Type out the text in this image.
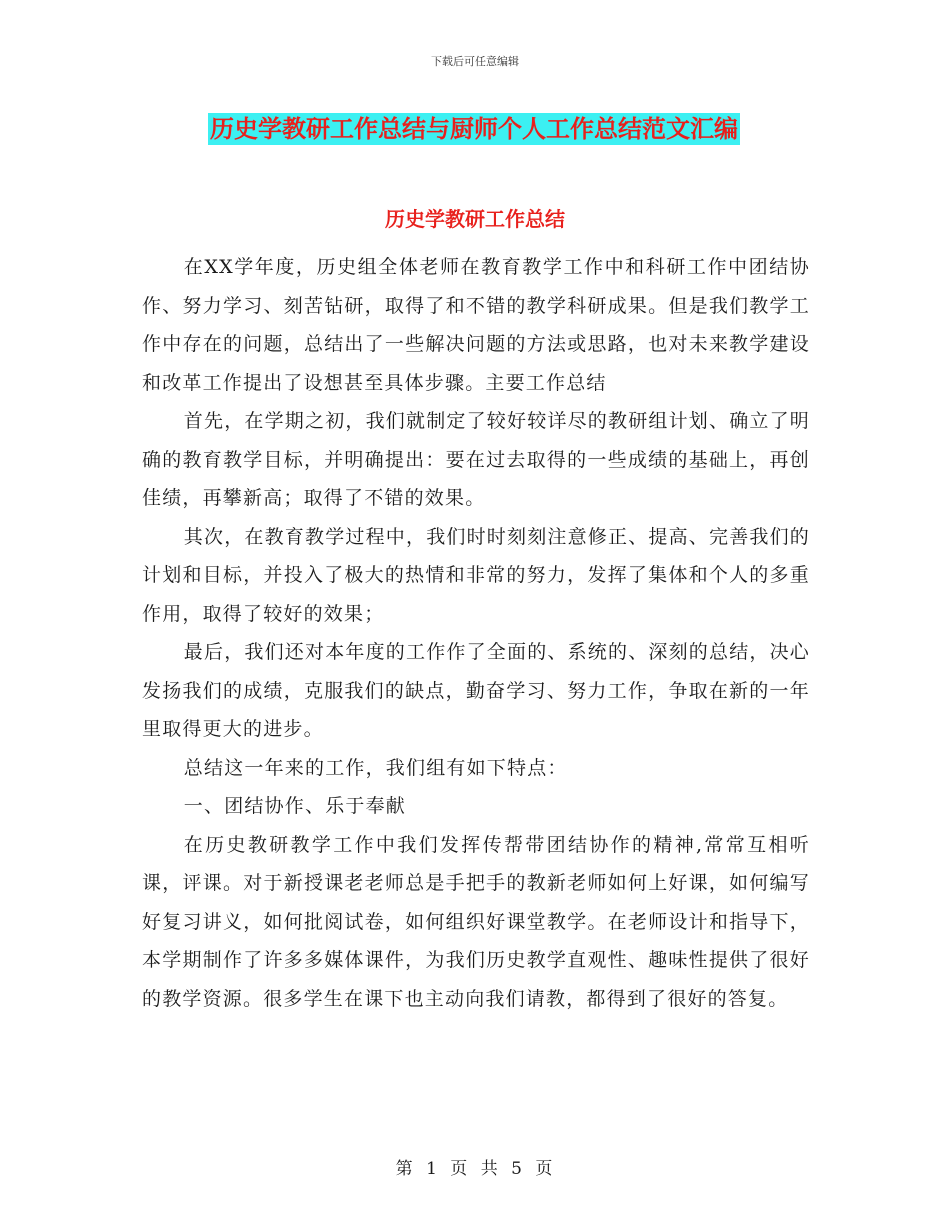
下载后可任意编辑
历史学教研工作总结与厨师个人工作总结范文汇编
历史学教研工作总结

在XX学年度，历史组全体老师在教育教学工作中和科研工作中团结协作、努力学习、刻苦钻研，取得了和不错的教学科研成果。但是我们教学工作中存在的问题，总结出了一些解决问题的方法或思路，也对未来教学建设和改革工作提出了设想甚至具体步骤。主要工作总结

首先，在学期之初，我们就制定了较好较详尽的教研组计划、确立了明确的教育教学目标，并明确提出：要在过去取得的一些成绩的基础上，再创佳绩，再攀新高；取得了不错的效果。

其次，在教育教学过程中，我们时时刻刻注意修正、提高、完善我们的计划和目标，并投入了极大的热情和非常的努力，发挥了集体和个人的多重作用，取得了较好的效果；

最后，我们还对本年度的工作作了全面的、系统的、深刻的总结，决心发扬我们的成绩，克服我们的缺点，勤奋学习、努力工作，争取在新的一年里取得更大的进步。

总结这一年来的工作，我们组有如下特点：

一、团结协作、乐于奉献

在历史教研教学工作中我们发挥传帮带团结协作的精神,常常互相听课，评课。对于新授课老老师总是手把手的教新老师如何上好课，如何编写好复习讲义，如何批阅试卷，如何组织好课堂教学。在老师设计和指导下，本学期制作了许多多媒体课件，为我们历史教学直观性、趣味性提供了很好的教学资源。很多学生在课下也主动向我们请教，都得到了很好的答复。

第 1 页 共 5 页
